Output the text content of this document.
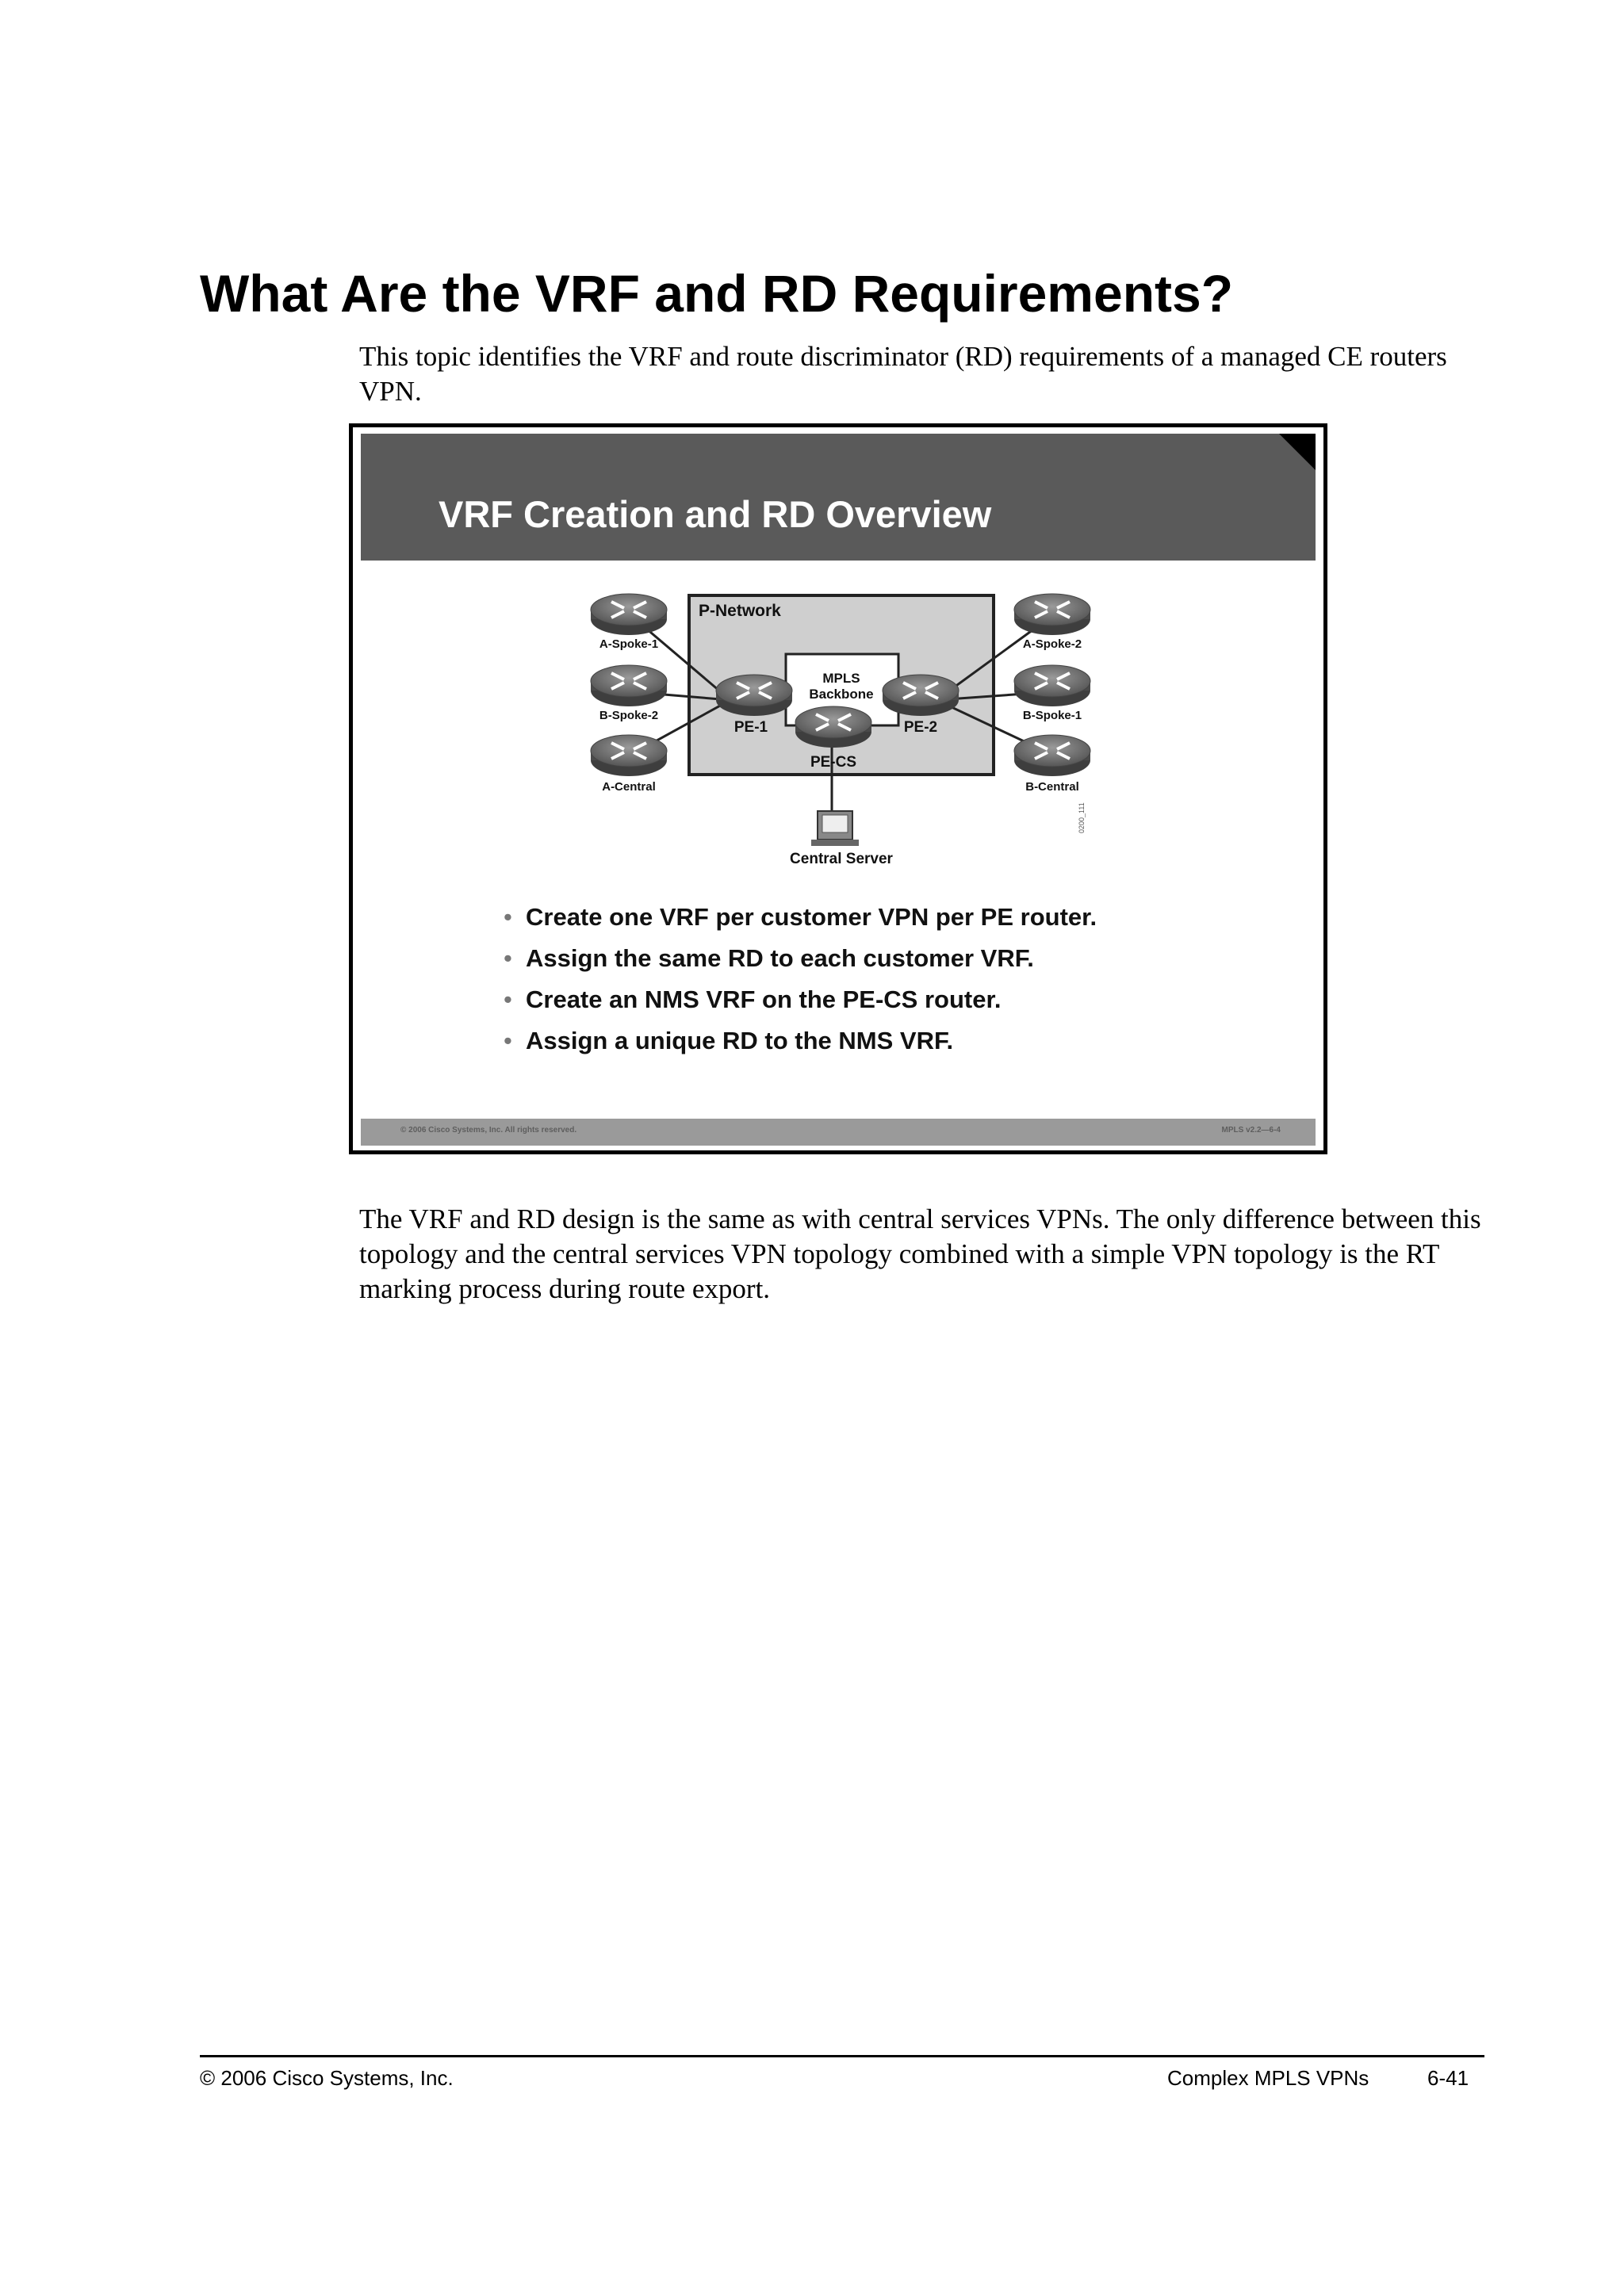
What Are the VRF and RD Requirements?

This topic identifies the VRF and route discriminator (RD) requirements of a managed CE routers VPN.

VRF Creation and RD Overview
P-Network
A-Spoke-1
B-Spoke-2
A-Central
A-Spoke-2
B-Spoke-1
B-Central
PE-1	PE-2
PE-CS
MPLS
Backbone
Central Server
0200_111
• Create one VRF per customer VPN per PE router.
• Assign the same RD to each customer VRF.
• Create an NMS VRF on the PE-CS router.
• Assign a unique RD to the NMS VRF.
© 2006 Cisco Systems, Inc. All rights reserved.	MPLS v2.2—6-4

The VRF and RD design is the same as with central services VPNs. The only difference between this topology and the central services VPN topology combined with a simple VPN topology is the RT marking process during route export.

© 2006 Cisco Systems, Inc.	Complex MPLS VPNs	6-41
